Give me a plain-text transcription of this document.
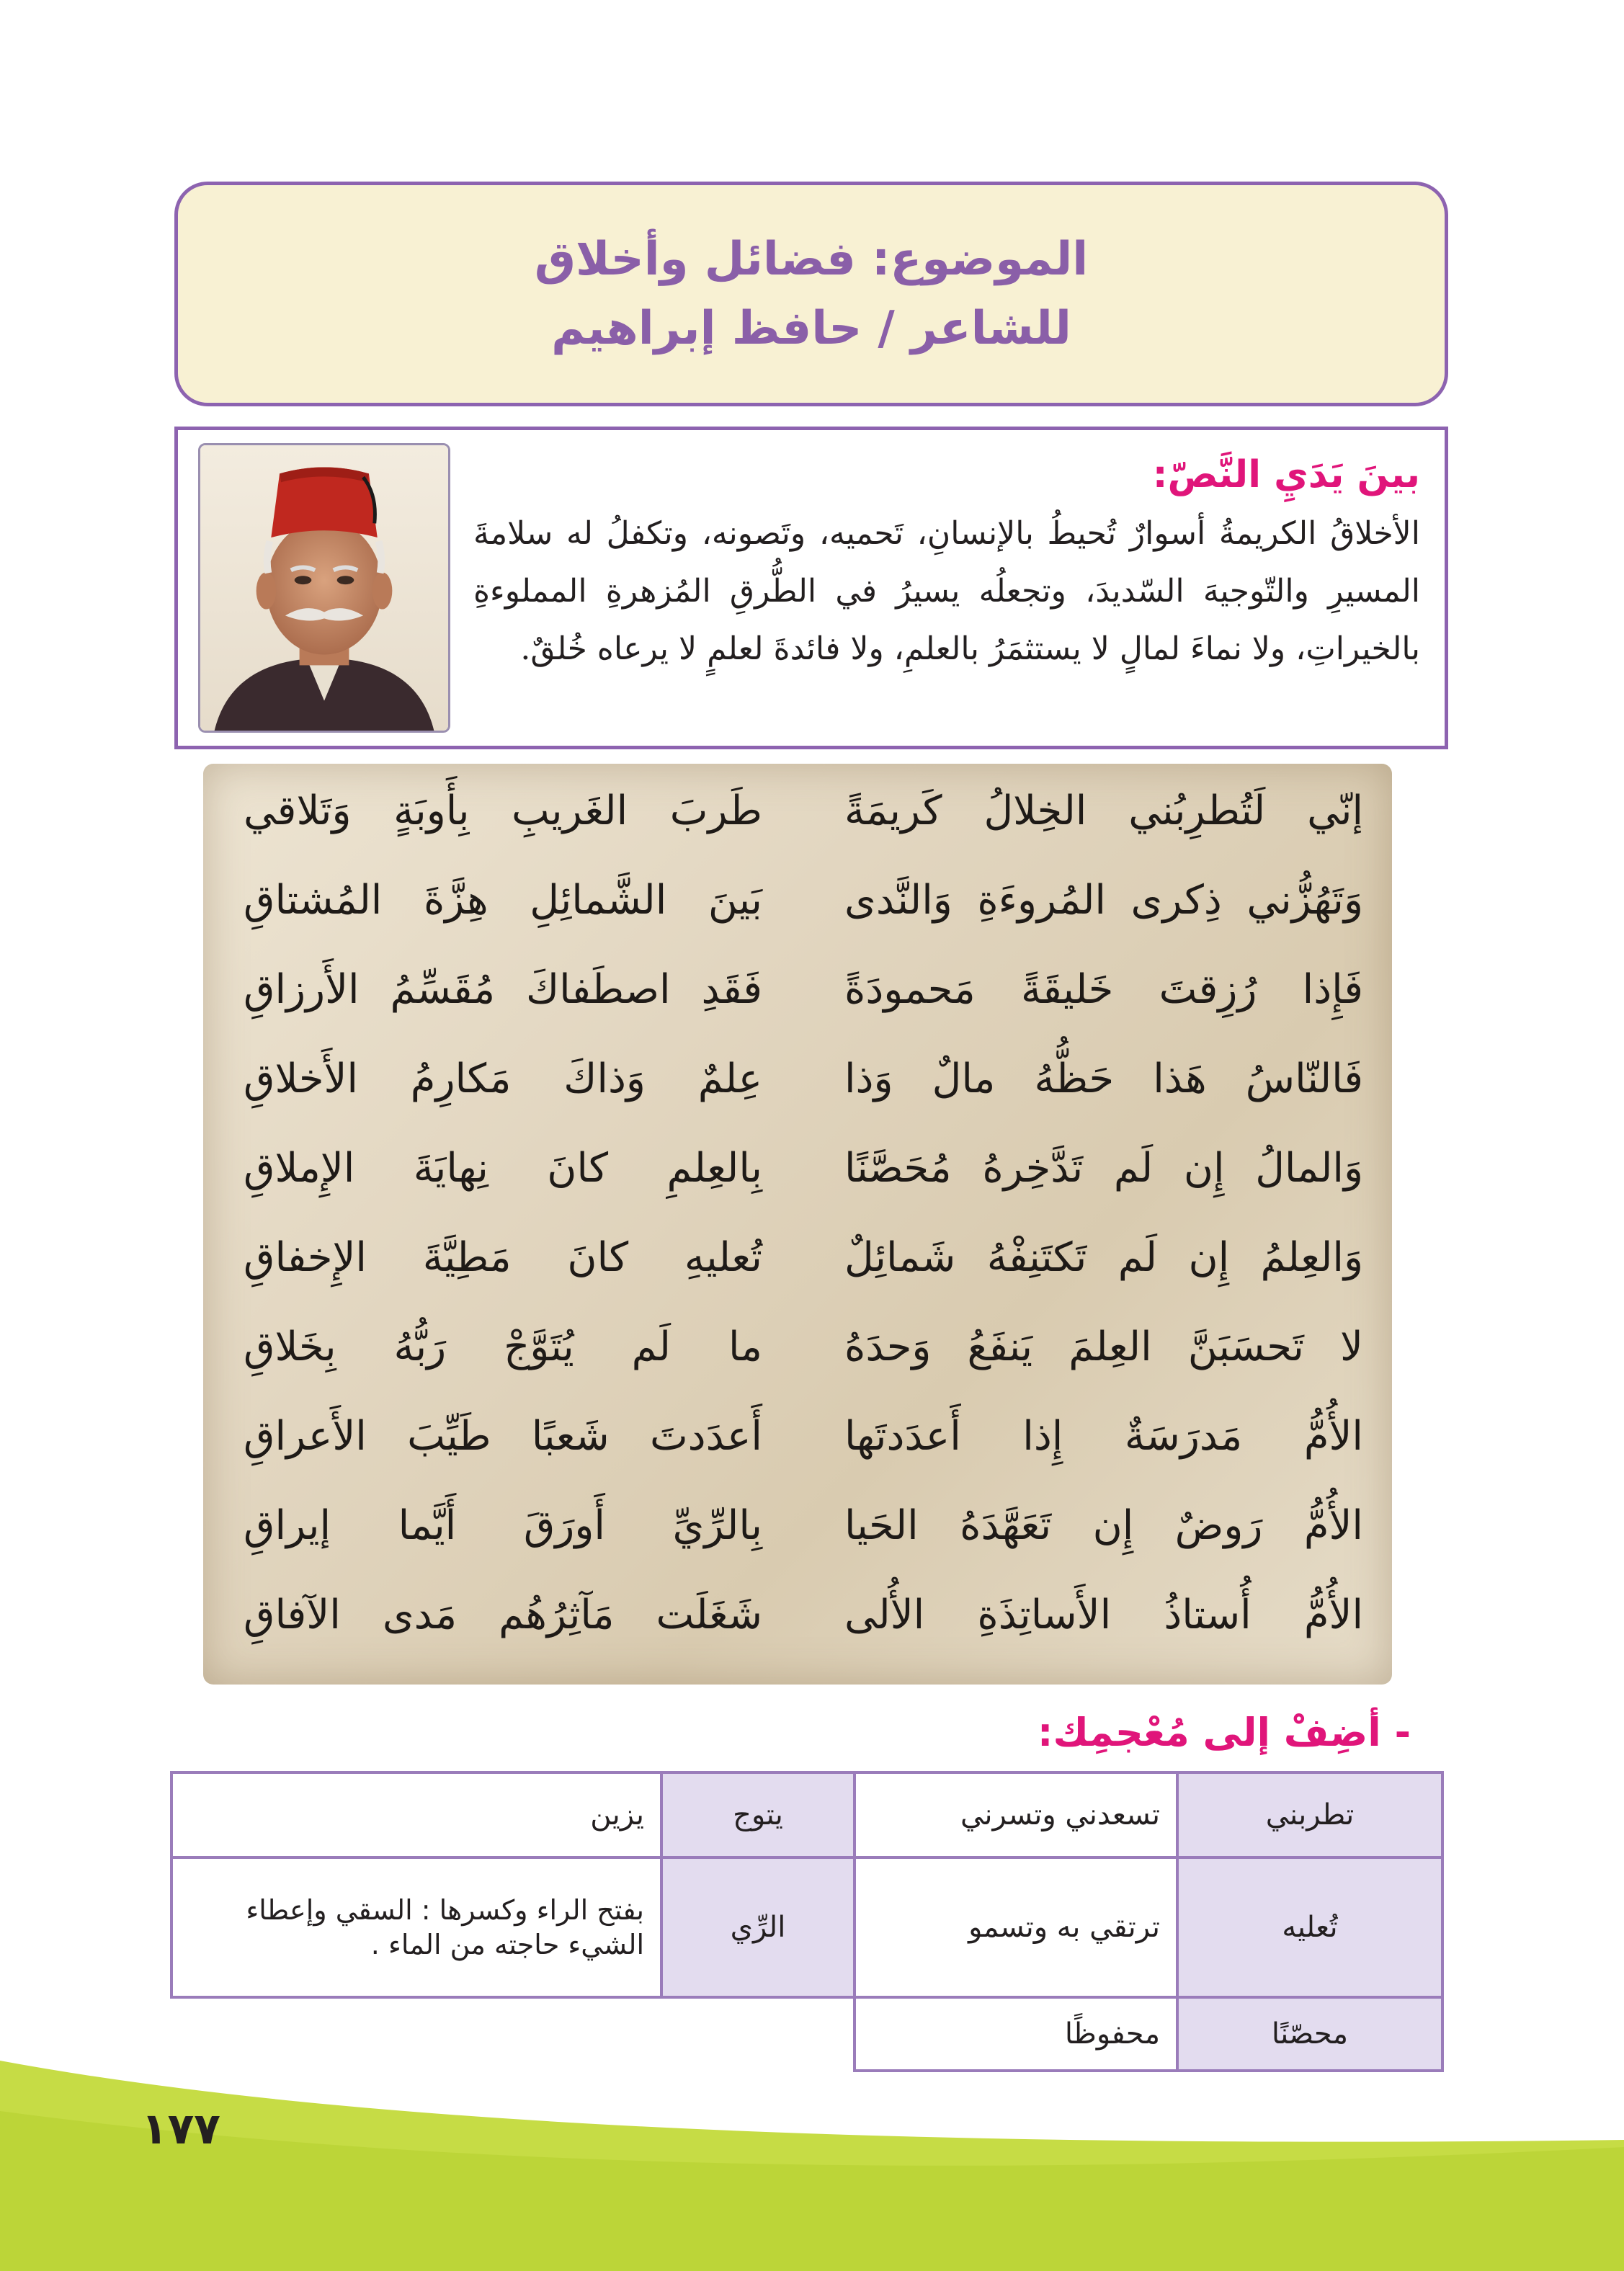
الموضوع:
فضائل وأخلاق
للشاعر /
حافظ إبراهيم
بينَ يَدَيِ النَّصّ:
الأخلاقُ الكريمةُ أسوارٌ تُحيطُ بالإنسانِ، تَحميه، وتَصونه، وتكفلُ له سلامةَ المسيرِ والتّوجيهَ السّديدَ، وتجعلُه يسيرُ في الطُّرقِ المُزهرةِ المملوءةِ بالخيراتِ، ولا نماءَ لمالٍ لا يستثمَرُ بالعلمِ، ولا فائدةَ لعلمٍ لا يرعاه خُلقٌ.
إنّي لَتُطرِبُني الخِلالُ كَريمَةً
طَربَ الغَريبِ بِأَوبَةٍ وَتَلاقي
وَتَهُزُّني ذِكرى المُروءَةِ وَالنَّدى
بَينَ الشَّمائِلِ هِزَّةَ المُشتاقِ
فَإِذا رُزِقتَ خَليقَةً مَحمودَةً
فَقَدِ اصطَفاكَ مُقَسِّمُ الأَرزاقِ
فَالنّاسُ هَذا حَظُّهُ مالٌ وَذا
عِلمٌ وَذاكَ مَكارِمُ الأَخلاقِ
وَالمالُ إِن لَم تَدَّخِرهُ مُحَصَّنًا
بِالعِلمِ كانَ نِهايَةَ الإِملاقِ
وَالعِلمُ إِن لَم تَكتَنِفْهُ شَمائِلٌ
تُعليهِ كانَ مَطِيَّةَ الإِخفاقِ
لا تَحسَبَنَّ العِلمَ يَنفَعُ وَحدَهُ
ما لَم يُتَوَّجْ رَبُّهُ بِخَلاقِ
الأُمُّ مَدرَسَةٌ إِذا أَعدَدتَها
أَعدَدتَ شَعبًا طَيِّبَ الأَعراقِ
الأُمُّ رَوضٌ إِن تَعَهَّدَهُ الحَيا
بِالرِّيِّ أَورَقَ أَيَّما إيراقِ
الأُمُّ أُستاذُ الأَساتِذَةِ الأُلى
شَغَلَت مَآثِرُهُم مَدى الآفاقِ
- أضِفْ إلى مُعْجمِك:
تطربني	تسعدني وتسرني	يتوج	يزين
تُعليه	ترتقي به وتسمو	الرِّي	بفتح الراء وكسرها : السقي وإعطاء الشيء حاجته من الماء .
محصّنًا	محفوظًا		
١٧٧
